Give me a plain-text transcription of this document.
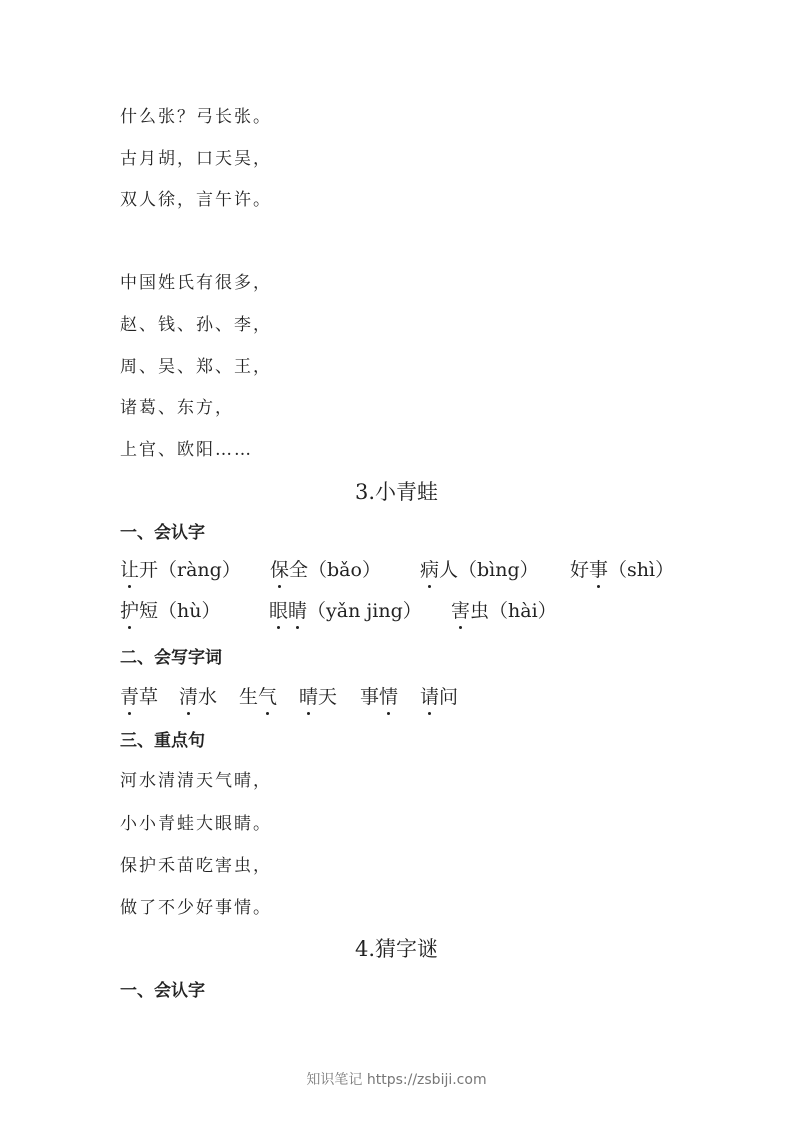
什么张？弓长张。
古月胡，口天吴，
双人徐，言午许。
中国姓氏有很多，
赵、钱、孙、李，
周、吴、郑、王，
诸葛、东方，
上官、欧阳……
3.小青蛙
一、会认字
让开（ràng） 保全（bǎo） 病人（bìng） 好事（shì）
护短（hù）	眼睛（yǎn jing） 害虫（hài）
二、会写字词
青草 清水 生气 晴天 事情 请问
三、重点句
河水清清天气晴，
小小青蛙大眼睛。
保护禾苗吃害虫，
做了不少好事情。
4.猜字谜
一、会认字
知识笔记 https://zsbiji.com
